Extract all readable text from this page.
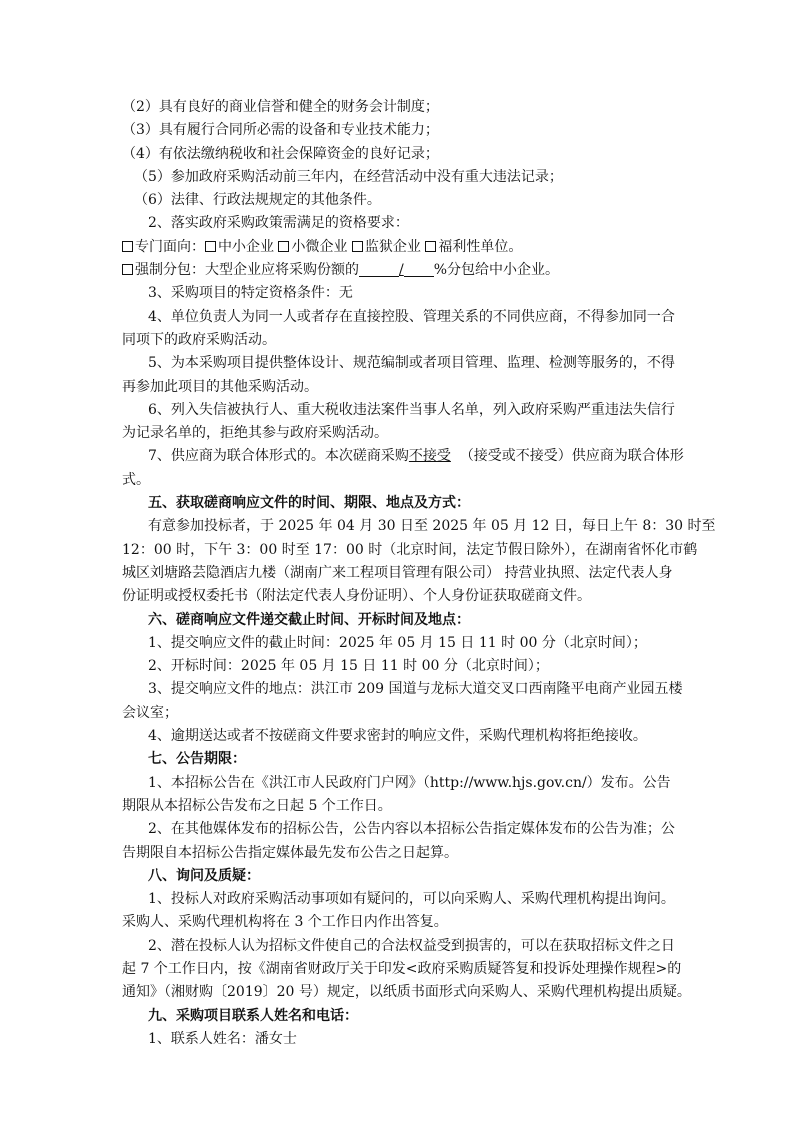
（2）具有良好的商业信誉和健全的财务会计制度；
（3）具有履行合同所必需的设备和专业技术能力；
（4）有依法缴纳税收和社会保障资金的良好记录；
（5）参加政府采购活动前三年内，在经营活动中没有重大违法记录；
（6）法律、行政法规规定的其他条件。
2、落实政府采购政策需满足的资格要求：
专门面向： 中小企业 小微企业 监狱企业 福利性单位。
强制分包：大型企业应将采购份额的	/ %分包给中小企业。
3、采购项目的特定资格条件：无
4、单位负责人为同一人或者存在直接控股、管理关系的不同供应商，不得参加同一合
同项下的政府采购活动。
5、为本采购项目提供整体设计、规范编制或者项目管理、监理、检测等服务的，不得
再参加此项目的其他采购活动。
6、列入失信被执行人、重大税收违法案件当事人名单，列入政府采购严重违法失信行
为记录名单的，拒绝其参与政府采购活动。
7、供应商为联合体形式的。本次磋商采购不接受 （接受或不接受）供应商为联合体形
式。
五、获取磋商响应文件的时间、期限、地点及方式：
有意参加投标者，于 2025 年 04 月 30 日至 2025 年 05 月 12 日，每日上午 8：30 时至
12：00 时，下午 3：00 时至 17：00 时（北京时间，法定节假日除外），在湖南省怀化市鹤
城区刘塘路芸隐酒店九楼（湖南广来工程项目管理有限公司） 持营业执照、法定代表人身
份证明或授权委托书（附法定代表人身份证明）、个人身份证获取磋商文件。
六、磋商响应文件递交截止时间、开标时间及地点：
1、提交响应文件的截止时间：2025 年 05 月 15 日 11 时 00 分（北京时间）；
2、开标时间：2025 年 05 月 15 日 11 时 00 分（北京时间）；
3、提交响应文件的地点：洪江市 209 国道与龙标大道交叉口西南隆平电商产业园五楼
会议室；
4、逾期送达或者不按磋商文件要求密封的响应文件，采购代理机构将拒绝接收。
七、公告期限：
1、本招标公告在《洪江市人民政府门户网》（http://www.hjs.gov.cn/）发布。公告
期限从本招标公告发布之日起 5 个工作日。
2、在其他媒体发布的招标公告，公告内容以本招标公告指定媒体发布的公告为准；公
告期限自本招标公告指定媒体最先发布公告之日起算。
八、询问及质疑：
1、投标人对政府采购活动事项如有疑问的，可以向采购人、采购代理机构提出询问。
采购人、采购代理机构将在 3 个工作日内作出答复。
2、潜在投标人认为招标文件使自己的合法权益受到损害的，可以在获取招标文件之日
起 7 个工作日内，按《湖南省财政厅关于印发<政府采购质疑答复和投诉处理操作规程>的
通知》（湘财购〔2019〕20 号）规定，以纸质书面形式向采购人、采购代理机构提出质疑。
九、采购项目联系人姓名和电话：
1、联系人姓名：潘女士
